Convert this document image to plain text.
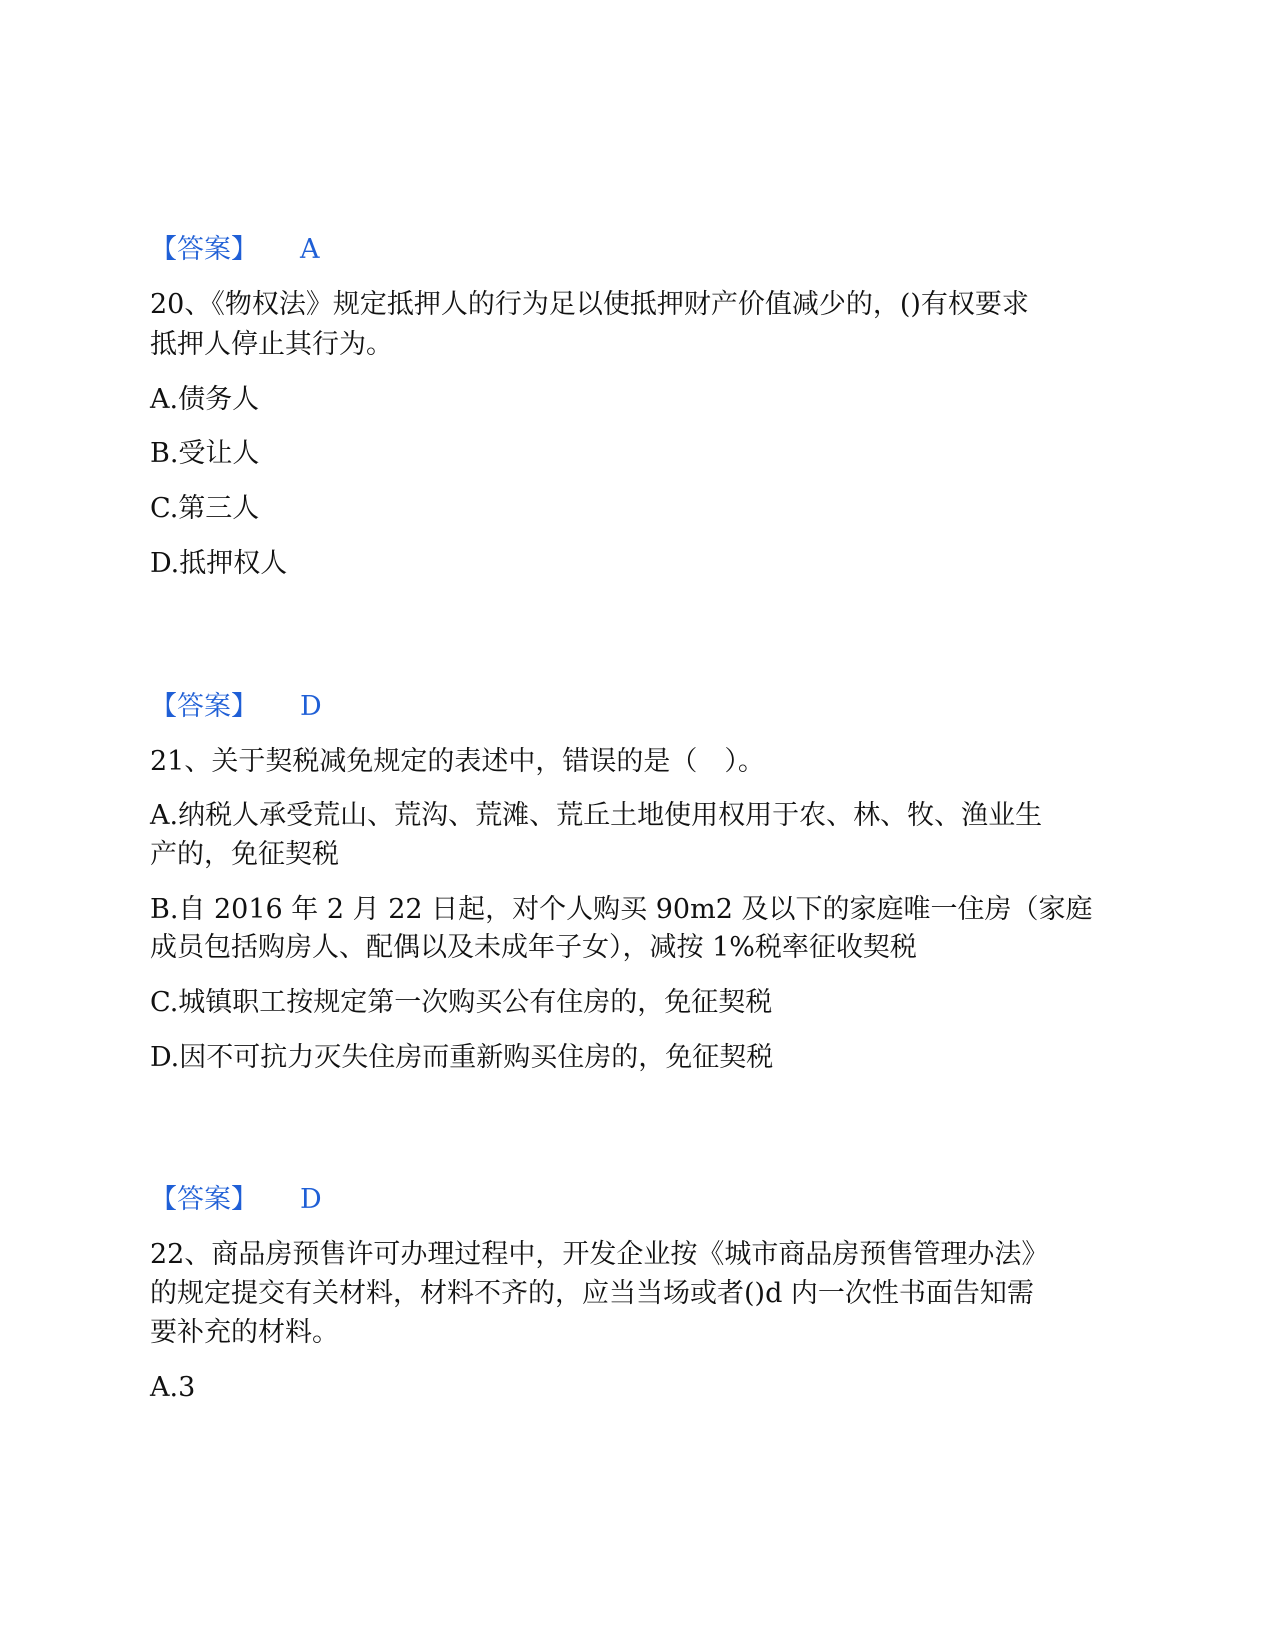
【答案】 A
20、《物权法》规定抵押人的行为足以使抵押财产价值减少的，()有权要求
抵押人停止其行为。
A.债务人
B.受让人
C.第三人
D.抵押权人
【答案】 D
21、关于契税减免规定的表述中，错误的是（　）。
A.纳税人承受荒山、荒沟、荒滩、荒丘土地使用权用于农、林、牧、渔业生
产的，免征契税
B.自 2016 年 2 月 22 日起，对个人购买 90m2 及以下的家庭唯一住房（家庭
成员包括购房人、配偶以及未成年子女），减按 1%税率征收契税
C.城镇职工按规定第一次购买公有住房的，免征契税
D.因不可抗力灭失住房而重新购买住房的，免征契税
【答案】 D
22、商品房预售许可办理过程中，开发企业按《城市商品房预售管理办法》
的规定提交有关材料，材料不齐的，应当当场或者()d 内一次性书面告知需
要补充的材料。
A.3
